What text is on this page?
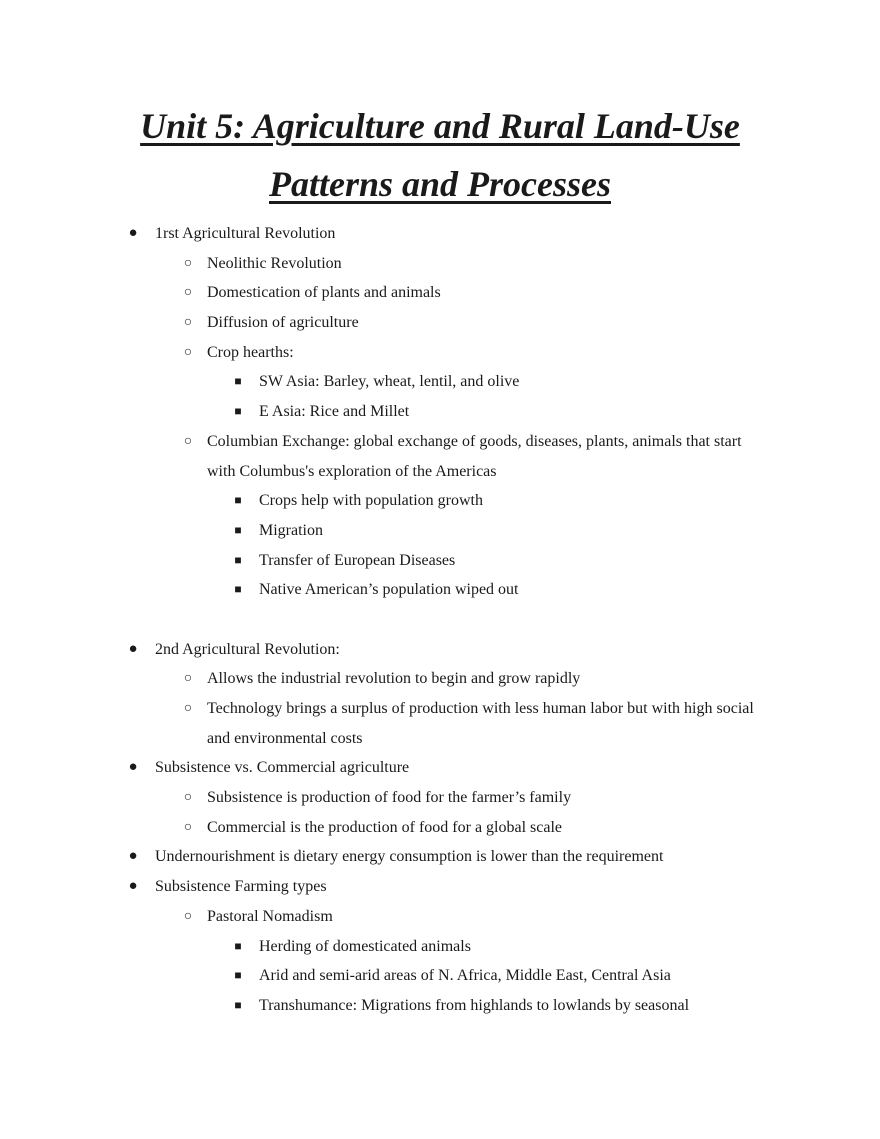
Unit 5: Agriculture and Rural Land-Use
Patterns and Processes
● 1rst Agricultural Revolution
○ Neolithic Revolution
○ Domestication of plants and animals
○ Diffusion of agriculture
○ Crop hearths:
■ SW Asia: Barley, wheat, lentil, and olive
■ E Asia: Rice and Millet
○ Columbian Exchange: global exchange of goods, diseases, plants, animals that start with Columbus's exploration of the Americas
■ Crops help with population growth
■ Migration
■ Transfer of European Diseases
■ Native American’s population wiped out
● 2nd Agricultural Revolution:
○ Allows the industrial revolution to begin and grow rapidly
○ Technology brings a surplus of production with less human labor but with high social and environmental costs
● Subsistence vs. Commercial agriculture
○ Subsistence is production of food for the farmer’s family
○ Commercial is the production of food for a global scale
● Undernourishment is dietary energy consumption is lower than the requirement
● Subsistence Farming types
○ Pastoral Nomadism
■ Herding of domesticated animals
■ Arid and semi-arid areas of N. Africa, Middle East, Central Asia
■ Transhumance: Migrations from highlands to lowlands by seasonal
